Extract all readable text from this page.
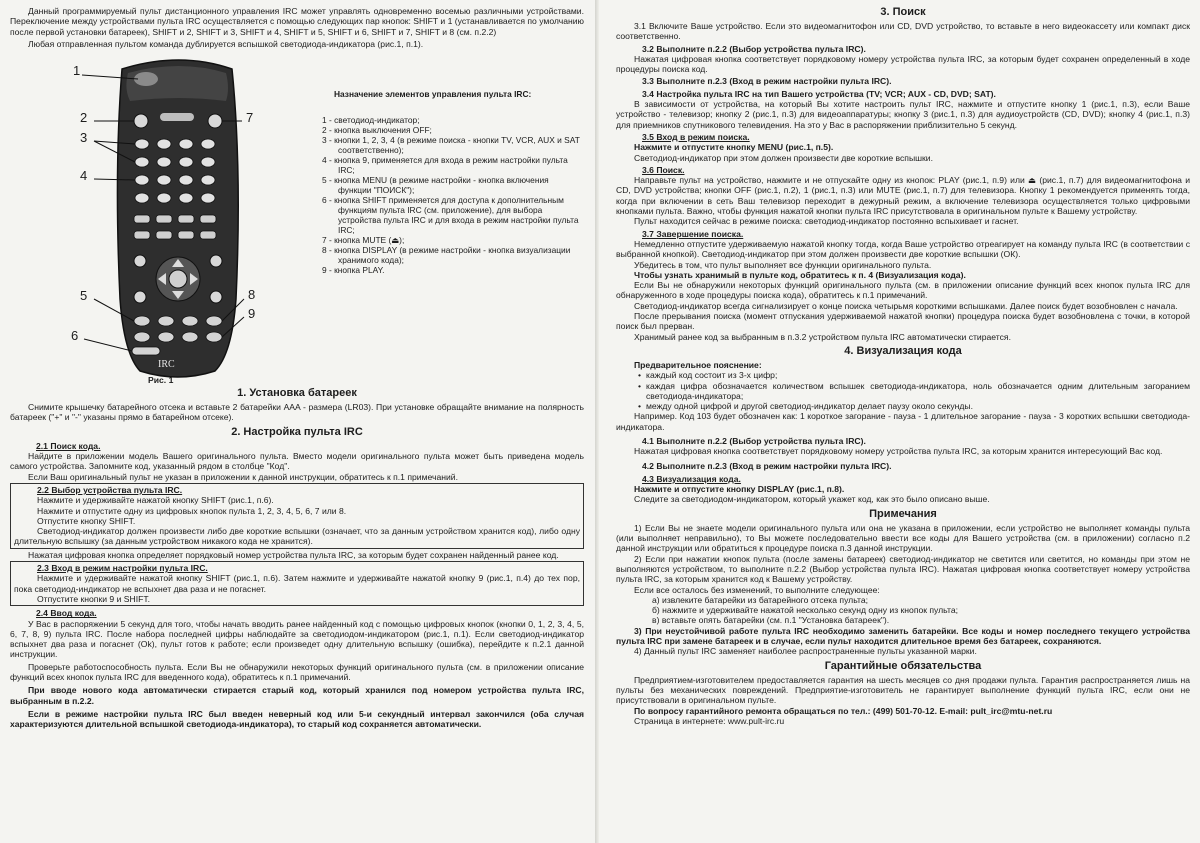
Данный программируемый пульт дистанционного управления IRC может управлять одновременно восемью различными устройствами. Переключение между устройствами пульта IRC осуществляется с помощью следующих пар кнопок: SHIFT и 1 (устанавливается по умолчанию после первой установки батареек), SHIFT и 2, SHIFT и 3, SHIFT и 4, SHIFT и 5, SHIFT и 6, SHIFT и 7, SHIFT и 8 (см. п.2.2)

Любая отправленная пультом команда дублируется вспышкой светодиода-индикатора (рис.1, п.1).

IRC
1
2
3
4
5
6
7
8
9
Рис. 1

Назначение элементов управления пульта IRC:

1 - светодиод-индикатор;

2 - кнопка выключения OFF;

3 - кнопки 1, 2, 3, 4 (в режиме поиска - кнопки TV, VCR, AUX и SAT соответственно);

4 - кнопка 9, применяется для входа в режим настройки пульта IRC;

5 - кнопка MENU (в режиме настройки - кнопка включения функции "ПОИСК");

6 - кнопка SHIFT применяется для доступа к дополнительным функциям пульта IRC (см. приложение), для выбора устройства пульта IRC и для входа в режим настройки пульта IRC;

7 - кнопка MUTE (⏏);

8 - кнопка DISPLAY (в режиме настройки - кнопка визуализации хранимого кода);

9 - кнопка PLAY.

1. Установка батареек

Снимите крышечку батарейного отсека и вставьте 2 батарейки AAA - размера (LR03). При установке обращайте внимание на полярность батареек ("+" и "-" указаны прямо в батарейном отсеке).

2. Настройка пульта IRC

2.1 Поиск кода.

Найдите в приложении модель Вашего оригинального пульта. Вместо модели оригинального пульта может быть приведена модель самого устройства. Запомните код, указанный рядом в столбце "Код".

Если Ваш оригинальный пульт не указан в приложении к данной инструкции, обратитесь к п.1 примечаний.

2.2 Выбор устройства пульта IRC.

Нажмите и удерживайте нажатой кнопку SHIFT (рис.1, п.6).

Нажмите и отпустите одну из цифровых кнопок пульта 1, 2, 3, 4, 5, 6, 7 или 8.

Отпустите кнопку SHIFT.

Светодиод-индикатор должен произвести либо две короткие вспышки (означает, что за данным устройством хранится код), либо одну длительную вспышку (за данным устройством никакого кода не хранится).

Нажатая цифровая кнопка определяет порядковый номер устройства пульта IRC, за которым будет сохранен найденный ранее код.

2.3 Вход в режим настройки пульта IRC.

Нажмите и удерживайте нажатой кнопку SHIFT (рис.1, п.6). Затем нажмите и удерживайте нажатой кнопку 9 (рис.1, п.4) до тех пор, пока светодиод-индикатор не вспыхнет два раза и не погаснет.

Отпустите кнопки 9 и SHIFT.

2.4 Ввод кода.

У Вас в распоряжении 5 секунд для того, чтобы начать вводить ранее найденный код с помощью цифровых кнопок (кнопки 0, 1, 2, 3, 4, 5, 6, 7, 8, 9) пульта IRC. После набора последней цифры наблюдайте за светодиодом-индикатором (рис.1, п.1). Если светодиод-индикатор вспыхнет два раза и погаснет (Ok), пульт готов к работе; если произведет одну длительную вспышку (ошибка), перейдите к п.2.1 данной инструкции.

Проверьте работоспособность пульта. Если Вы не обнаружили некоторых функций оригинального пульта (см. в приложении описание функций всех кнопок пульта IRC для введенного кода), обратитесь к п.1 примечаний.

При вводе нового кода автоматически стирается старый код, который хранился под номером устройства пульта IRC, выбранным в п.2.2.

Если в режиме настройки пульта IRC был введен неверный код или 5-и секундный интервал закончился (оба случая характеризуются длительной вспышкой светодиода-индикатора), то старый код сохраняется автоматически.

3. Поиск

3.1 Включите Ваше устройство. Если это видеомагнитофон или CD, DVD устройство, то вставьте в него видеокассету или компакт диск соответственно.

3.2 Выполните п.2.2 (Выбор устройства пульта IRC).

Нажатая цифровая кнопка соответствует порядковому номеру устройства пульта IRC, за которым будет сохранен определенный в ходе процедуры поиска код.

3.3 Выполните п.2.3 (Вход в режим настройки пульта IRC).

3.4 Настройка пульта IRC на тип Вашего устройства (TV; VCR; AUX - CD, DVD; SAT).

В зависимости от устройства, на который Вы хотите настроить пульт IRC, нажмите и отпустите кнопку 1 (рис.1, п.3), если Ваше устройство - телевизор; кнопку 2 (рис.1, п.3) для видеоаппаратуры; кнопку 3 (рис.1, п.3) для аудиоустройств (CD, DVD); кнопку 4 (рис.1, п.3) для приемников спутникового телевидения. На это у Вас в распоряжении приблизительно 5 секунд.

3.5 Вход в режим поиска.

Нажмите и отпустите кнопку MENU (рис.1, п.5).

Светодиод-индикатор при этом должен произвести две короткие вспышки.

3.6 Поиск.

Направьте пульт на устройство, нажмите и не отпускайте одну из кнопок: PLAY (рис.1, п.9) или ⏏ (рис.1, п.7) для видеомагнитофона и CD, DVD устройства; кнопки OFF (рис.1, п.2), 1 (рис.1, п.3) или MUTE (рис.1, п.7) для телевизора. Кнопку 1 рекомендуется применять тогда, когда при включении в сеть Ваш телевизор переходит в дежурный режим, а включение телевизора осуществляется только цифровыми кнопками пульта. Важно, чтобы функция нажатой кнопки пульта IRC присутствовала в оригинальном пульте к Вашему устройству.

Пульт находится сейчас в режиме поиска: светодиод-индикатор постоянно вспыхивает и гаснет.

3.7 Завершение поиска.

Немедленно отпустите удерживаемую нажатой кнопку тогда, когда Ваше устройство отреагирует на команду пульта IRC (в соответствии с выбранной кнопкой). Светодиод-индикатор при этом должен произвести две короткие вспышки (ОК).

Убедитесь в том, что пульт выполняет все функции оригинального пульта.

Чтобы узнать хранимый в пульте код, обратитесь к п. 4 (Визуализация кода).

Если Вы не обнаружили некоторых функций оригинального пульта (см. в приложении описание функций всех кнопок пульта IRC для обнаруженного в ходе процедуры поиска кода), обратитесь к п.1 примечаний.

Светодиод-индикатор всегда сигнализирует о конце поиска четырьмя короткими вспышками. Далее поиск будет возобновлен с начала.

После прерывания поиска (момент отпускания удерживаемой нажатой кнопки) процедура поиска будет возобновлена с точки, в которой поиск был прерван.

Хранимый ранее код за выбранным в п.3.2 устройством пульта IRC автоматически стирается.

4. Визуализация кода

Предварительное пояснение:

• каждый код состоит из 3-х цифр;

• каждая цифра обозначается количеством вспышек светодиода-индикатора, ноль обозначается одним длительным загоранием светодиода-индикатора;

• между одной цифрой и другой светодиод-индикатор делает паузу около секунды.

Например. Код 103 будет обозначен как: 1 короткое загорание - пауза - 1 длительное загорание - пауза - 3 коротких вспышки светодиода-индикатора.

4.1 Выполните п.2.2 (Выбор устройства пульта IRC).

Нажатая цифровая кнопка соответствует порядковому номеру устройства пульта IRC, за которым хранится интересующий Вас код.

4.2 Выполните п.2.3 (Вход в режим настройки пульта IRC).

4.3 Визуализация кода.

Нажмите и отпустите кнопку DISPLAY (рис.1, п.8).

Следите за светодиодом-индикатором, который укажет код, как это было описано выше.

Примечания

1) Если Вы не знаете модели оригинального пульта или она не указана в приложении, если устройство не выполняет команды пульта (или выполняет неправильно), то Вы можете последовательно ввести все коды для Вашего устройства (см. в приложении) согласно п.2 данной инструкции или обратиться к процедуре поиска п.3 данной инструкции.

2) Если при нажатии кнопок пульта (после замены батареек) светодиод-индикатор не светится или светится, но команды при этом не выполняются устройством, то выполните п.2.2 (Выбор устройства пульта IRC). Нажатая цифровая кнопка соответствует номеру устройства пульта IRC, за которым хранится код к Вашему устройству.

Если все осталось без изменений, то выполните следующее:

а) извлеките батарейки из батарейного отсека пульта;

б) нажмите и удерживайте нажатой несколько секунд одну из кнопок пульта;

в) вставьте опять батарейки (см. п.1 "Установка батареек").

3) При неустойчивой работе пульта IRC необходимо заменить батарейки. Все коды и номер последнего текущего устройства пульта IRC при замене батареек и в случае, если пульт находится длительное время без батареек, сохраняются.

4) Данный пульт IRC заменяет наиболее распространенные пульты указанной марки.

Гарантийные обязательства

Предприятием-изготовителем предоставляется гарантия на шесть месяцев со дня продажи пульта. Гарантия распространяется лишь на пульты без механических повреждений. Предприятие-изготовитель не гарантирует выполнение функций пульта IRC, если они не присутствовали в оригинальном пульте.

По вопросу гарантийного ремонта обращаться по тел.: (499) 501-70-12. E-mail: pult_irc@mtu-net.ru

Страница в интернете: www.pult-irc.ru
